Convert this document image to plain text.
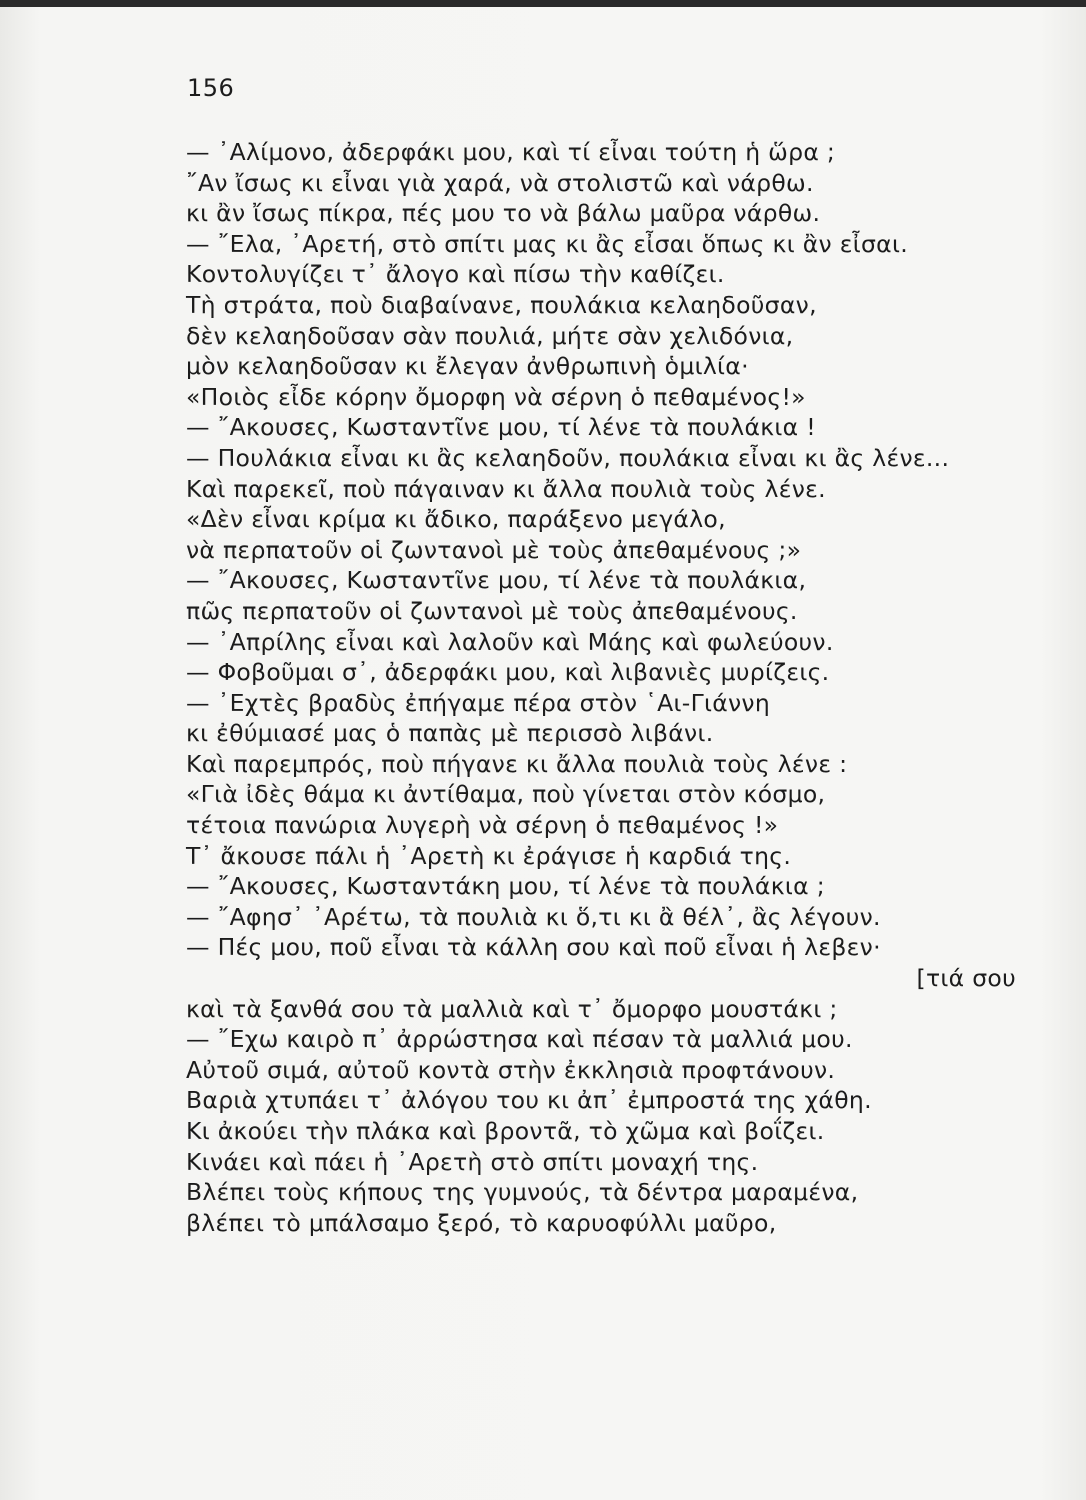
156
— ᾿Αλίμονο, ἀδερφάκι μου, καὶ τί εἶναι τούτη ἡ ὥρα ;
῎Αν ἴσως κι εἶναι γιὰ χαρά, νὰ στολιστῶ καὶ νάρθω.
κι ἂν ἴσως πίκρα, πές μου το νὰ βάλω μαῦρα νάρθω.
— ῎Ελα, ᾿Αρετή, στὸ σπίτι μας κι ἂς εἶσαι ὅπως κι ἂν εἶσαι.
Κοντολυγίζει τ᾿ ἄλογο καὶ πίσω τὴν καθίζει.
Τὴ στράτα, ποὺ διαβαίνανε, πουλάκια κελαηδοῦσαν,
δὲν κελαηδοῦσαν σὰν πουλιά, μήτε σὰν χελιδόνια,
μὸν κελαηδοῦσαν κι ἔλεγαν ἀνθρωπινὴ ὁμιλία·
«Ποιὸς εἶδε κόρην ὄμορφη νὰ σέρνη ὁ πεθαμένος!»
— ῎Ακουσες, Κωσταντῖνε μου, τί λένε τὰ πουλάκια !
— Πουλάκια εἶναι κι ἂς κελαηδοῦν, πουλάκια εἶναι κι ἂς λένε...
Καὶ παρεκεῖ, ποὺ πάγαιναν κι ἄλλα πουλιὰ τοὺς λένε.
«Δὲν εἶναι κρίμα κι ἄδικο, παράξενο μεγάλο,
νὰ περπατοῦν οἱ ζωντανοὶ μὲ τοὺς ἀπεθαμένους ;»
— ῎Ακουσες, Κωσταντῖνε μου, τί λένε τὰ πουλάκια,
πῶς περπατοῦν οἱ ζωντανοὶ μὲ τοὺς ἀπεθαμένους.
— ᾿Απρίλης εἶναι καὶ λαλοῦν καὶ Μάης καὶ φωλεύουν.
— Φοβοῦμαι σ᾿, ἀδερφάκι μου, καὶ λιβανιὲς μυρίζεις.
— ᾿Εχτὲς βραδὺς ἐπήγαμε πέρα στὸν ῾Αι-Γιάννη
κι ἐθύμιασέ μας ὁ παπὰς μὲ περισσὸ λιβάνι.
Καὶ παρεμπρός, ποὺ πήγανε κι ἄλλα πουλιὰ τοὺς λένε :
«Γιὰ ἰδὲς θάμα κι ἀντίθαμα, ποὺ γίνεται στὸν κόσμο,
τέτοια πανώρια λυγερὴ νὰ σέρνη ὁ πεθαμένος !»
Τ᾿ ἄκουσε πάλι ἡ ᾿Αρετὴ κι ἐράγισε ἡ καρδιά της.
— ῎Ακουσες, Κωσταντάκη μου, τί λένε τὰ πουλάκια ;
— ῎Αφησ᾿ ᾿Αρέτω, τὰ πουλιὰ κι ὅ,τι κι ἂ θέλ᾿, ἂς λέγουν.
— Πές μου, ποῦ εἶναι τὰ κάλλη σου καὶ ποῦ εἶναι ἡ λεβεν·
[τιά σου
καὶ τὰ ξανθά σου τὰ μαλλιὰ καὶ τ᾿ ὄμορφο μουστάκι ;
— ῎Εχω καιρὸ π᾿ ἀρρώστησα καὶ πέσαν τὰ μαλλιά μου.
Αὐτοῦ σιμά, αὐτοῦ κοντὰ στὴν ἐκκλησιὰ προφτάνουν.
Βαριὰ χτυπάει τ᾿ ἀλόγου του κι ἀπ᾿ ἐμπροστά της χάθη.
Κι ἀκούει τὴν πλάκα καὶ βροντᾶ, τὸ χῶμα καὶ βοΐζει.
Κινάει καὶ πάει ἡ ᾿Αρετὴ στὸ σπίτι μοναχή της.
Βλέπει τοὺς κήπους της γυμνούς, τὰ δέντρα μαραμένα,
βλέπει τὸ μπάλσαμο ξερό, τὸ καρυοφύλλι μαῦρο,
